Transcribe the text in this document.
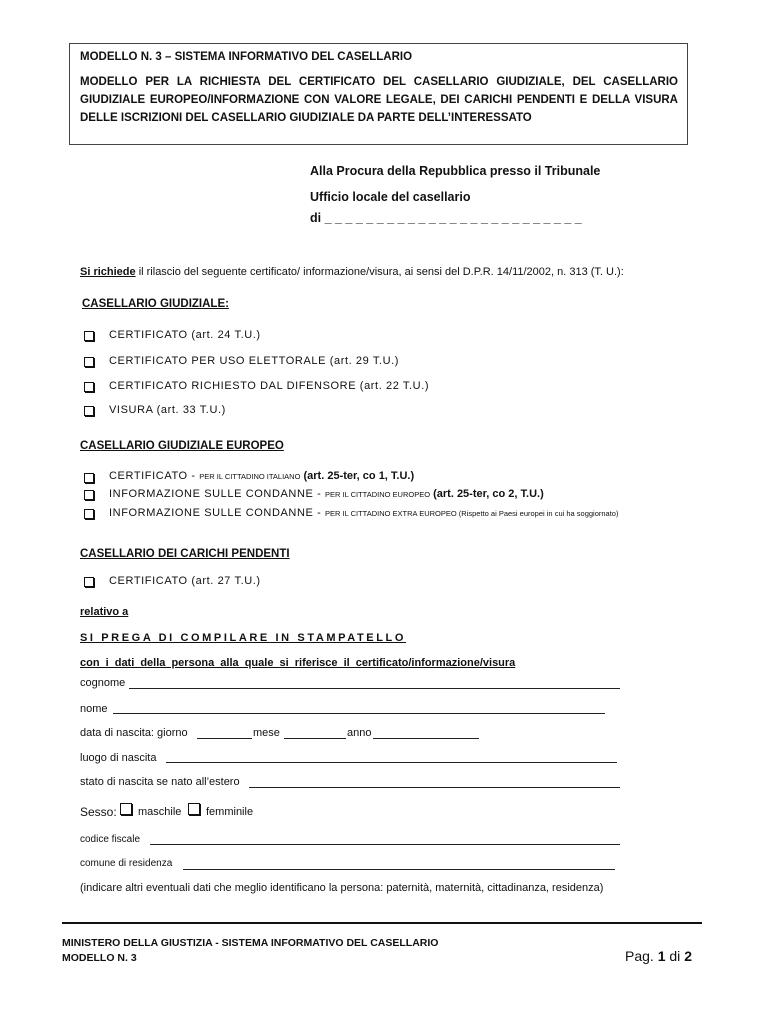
MODELLO N. 3 – SISTEMA INFORMATIVO DEL CASELLARIO
MODELLO PER LA RICHIESTA DEL CERTIFICATO DEL CASELLARIO GIUDIZIALE, DEL CASELLARIO GIUDIZIALE EUROPEO/INFORMAZIONE CON VALORE LEGALE, DEI CARICHI PENDENTI E DELLA VISURA DELLE ISCRIZIONI DEL CASELLARIO GIUDIZIALE DA PARTE DELL’INTERESSATO
Alla Procura della Repubblica presso il Tribunale
Ufficio locale del casellario
di _ _ _ _ _ _ _ _ _ _ _ _ _ _ _ _ _ _ _ _ _ _ _ _ _
Si richiede il rilascio del seguente certificato/ informazione/visura, ai sensi del D.P.R. 14/11/2002, n. 313 (T. U.):
CASELLARIO GIUDIZIALE:
CERTIFICATO (art. 24 T.U.)
CERTIFICATO PER USO ELETTORALE (art. 29 T.U.)
CERTIFICATO RICHIESTO DAL DIFENSORE (art. 22 T.U.)
VISURA (art. 33 T.U.)
CASELLARIO GIUDIZIALE EUROPEO
CERTIFICATO - PER IL CITTADINO ITALIANO (art. 25-ter, co 1, T.U.)
INFORMAZIONE SULLE CONDANNE - PER IL CITTADINO EUROPEO (art. 25-ter, co 2, T.U.)
INFORMAZIONE SULLE CONDANNE - PER IL CITTADINO EXTRA EUROPEO (Rispetto ai Paesi europei in cui ha soggiornato)
CASELLARIO DEI CARICHI PENDENTI
CERTIFICATO (art. 27 T.U.)
relativo a
SI PREGA DI COMPILARE IN STAMPATELLO
con i dati della persona alla quale si riferisce il certificato/informazione/visura
cognome
nome
data di nascita: giorno	mese	anno
luogo di nascita
stato di nascita se nato all’estero
Sesso: maschile femminile
codice fiscale
comune di residenza
(indicare altri eventuali dati che meglio identificano la persona: paternità, maternità, cittadinanza, residenza)
MINISTERO DELLA GIUSTIZIA - SISTEMA INFORMATIVO DEL CASELLARIO
MODELLO N. 3	Pag. 1 di 2
